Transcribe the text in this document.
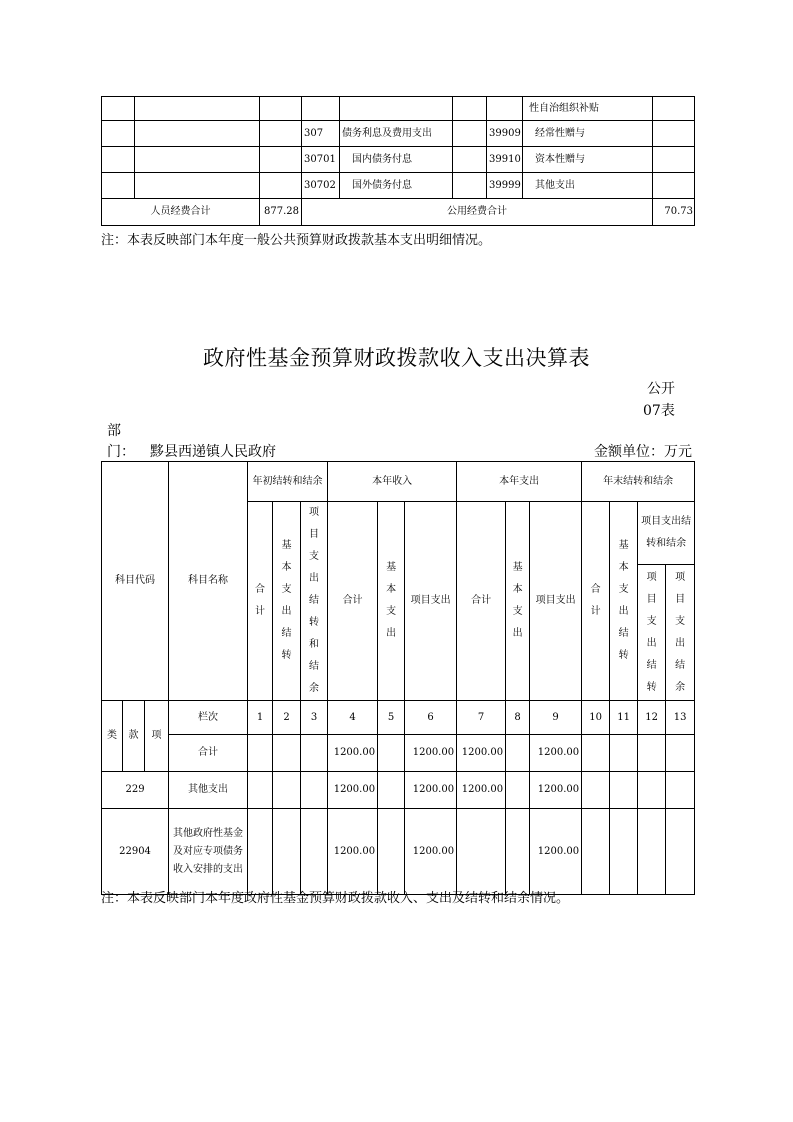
							性自治组织补贴	
			307	债务利息及费用支出		39909	经常性赠与	
			30701	国内债务付息		39910	资本性赠与	
			30702	国外债务付息		39999	其他支出	
人员经费合计		877.28	公用经费合计					70.73
注：本表反映部门本年度一般公共预算财政拨款基本支出明细情况。
政府性基金预算财政拨款收入支出决算表
公开
07表
部
门： 黟县西递镇人民政府	金额单位：万元
科目代码			科目名称	年初结转和结余			本年收入			本年支出			年末结转和结余			
				合计	基本支出结转	项目支出结转和结余	合计	基本支出	项目支出	合计	基本支出	项目支出	合计	基本支出结转	项目支出结转和结余	
															项目支出结转	项目支出结余
类	款	项	栏次	1	2	3	4	5	6	7	8	9	10	11	12	13
			合计				1200.00		1200.00	1200.00		1200.00				
229			其他支出				1200.00		1200.00	1200.00		1200.00				
22904			其他政府性基金及对应专项债务收入安排的支出				1200.00		1200.00			1200.00				
注：本表反映部门本年度政府性基金预算财政拨款收入、支出及结转和结余情况。
